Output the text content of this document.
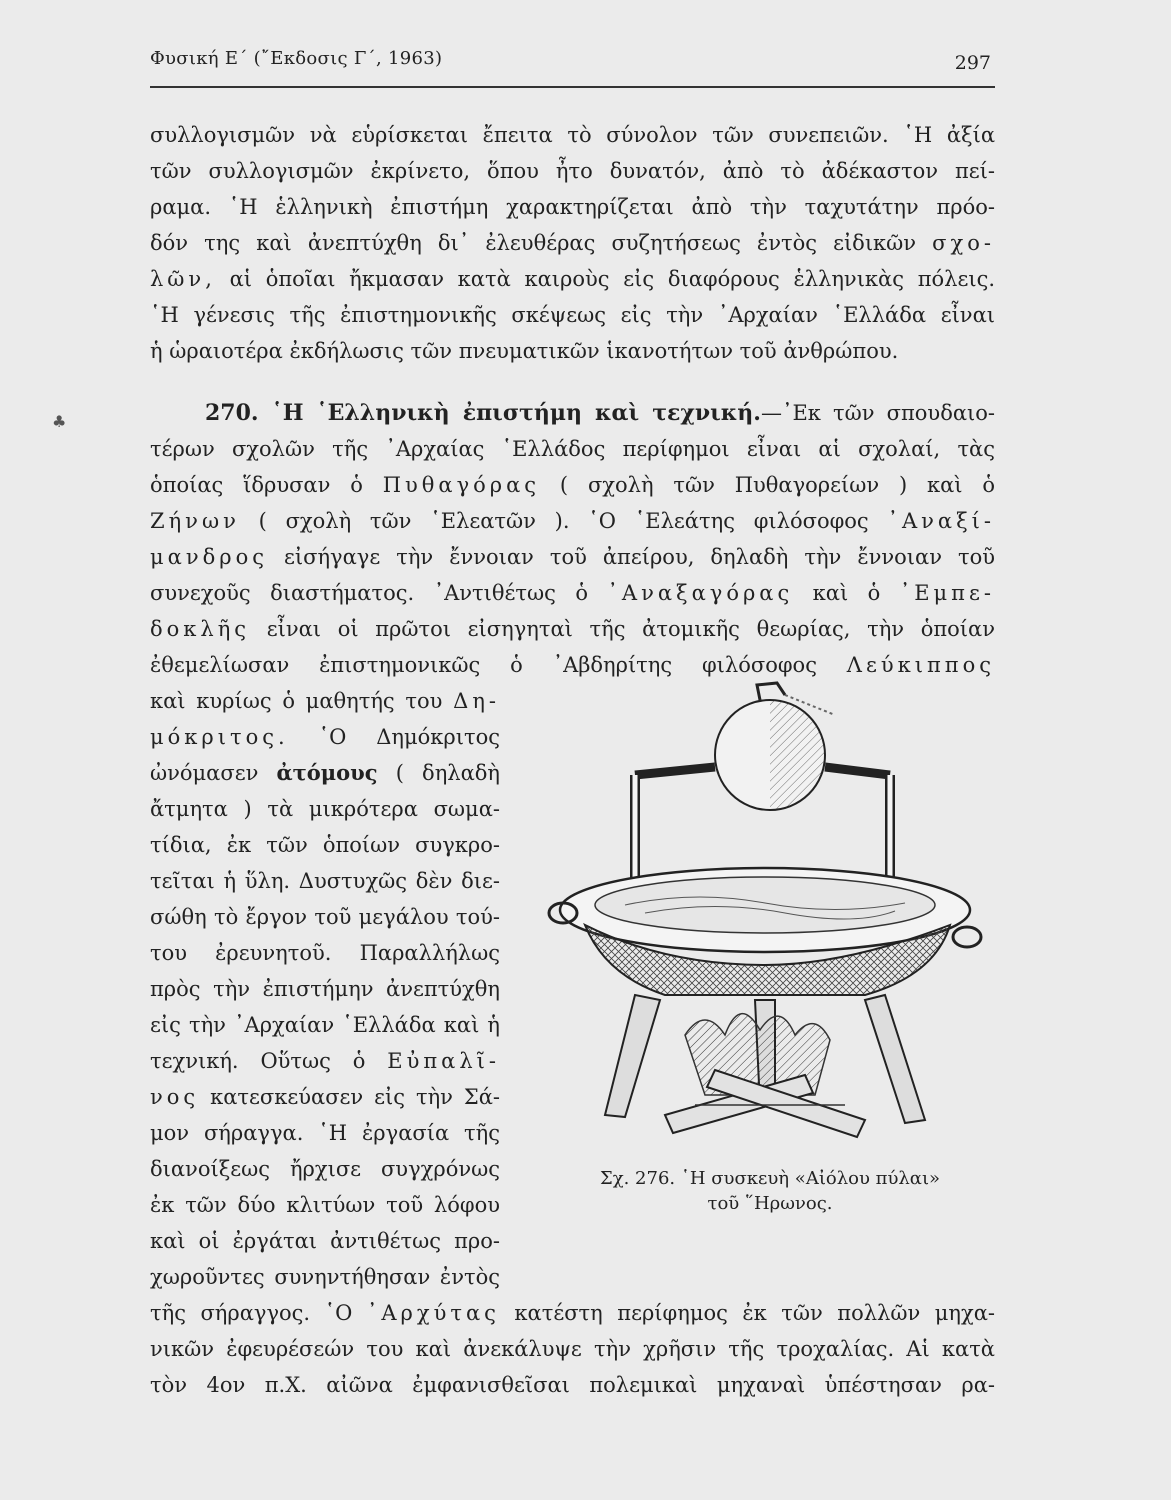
Φυσική Ε΄ (῎Εκδοσις Γ΄, 1963)	297
♣
συλλογισμῶν νὰ εὑρίσκεται ἔπειτα τὸ σύνολον τῶν συνεπειῶν. ῾Η ἀξία
τῶν συλλογισμῶν ἐκρίνετο, ὅπου ἦτο δυνατόν, ἀπὸ τὸ ἀδέκαστον πεί-
ραμα. ῾Η ἑλληνικὴ ἐπιστήμη χαρακτηρίζεται ἀπὸ τὴν ταχυτάτην πρόο-
δόν της καὶ ἀνεπτύχθη δι᾿ ἐλευθέρας συζητήσεως ἐντὸς εἰδικῶν σχο-
λῶν, αἱ ὁποῖαι ἤκμασαν κατὰ καιροὺς εἰς διαφόρους ἑλληνικὰς πόλεις.
῾Η γένεσις τῆς ἐπιστημονικῆς σκέψεως εἰς τὴν ᾿Αρχαίαν ῾Ελλάδα εἶναι
ἡ ὡραιοτέρα ἐκδήλωσις τῶν πνευματικῶν ἱκανοτήτων τοῦ ἀνθρώπου.
270. ῾Η ῾Ελληνικὴ ἐπιστήμη καὶ τεχνική.—᾿Εκ τῶν σπουδαιο-
τέρων σχολῶν τῆς ᾿Αρχαίας ῾Ελλάδος περίφημοι εἶναι αἱ σχολαί, τὰς
ὁποίας ἵδρυσαν ὁ Πυθαγόρας ( σχολὴ τῶν Πυθαγορείων ) καὶ ὁ
Ζήνων ( σχολὴ τῶν ῾Ελεατῶν ). ῾Ο ῾Ελεάτης φιλόσοφος ᾿Αναξί-
μανδρος εἰσήγαγε τὴν ἔννοιαν τοῦ ἀπείρου, δηλαδὴ τὴν ἔννοιαν τοῦ
συνεχοῦς διαστήματος. ᾿Αντιθέτως ὁ ᾿Αναξαγόρας καὶ ὁ ᾿Εμπε-
δοκλῆς εἶναι οἱ πρῶτοι εἰσηγηταὶ τῆς ἀτομικῆς θεωρίας, τὴν ὁποίαν
ἐθεμελίωσαν ἐπιστημονικῶς ὁ ᾿Αβδηρίτης φιλόσοφος Λεύκιππος
καὶ κυρίως ὁ μαθητής του Δη-
μόκριτος. ῾Ο Δημόκριτος
ὠνόμασεν ἀτόμους ( δηλαδὴ
ἄτμητα ) τὰ μικρότερα σωμα-
τίδια, ἐκ τῶν ὁποίων συγκρο-
τεῖται ἡ ὕλη. Δυστυχῶς δὲν διε-
σώθη τὸ ἔργον τοῦ μεγάλου τού-
του ἐρευνητοῦ. Παραλλήλως
πρὸς τὴν ἐπιστήμην ἀνεπτύχθη
εἰς τὴν ᾿Αρχαίαν ῾Ελλάδα καὶ ἡ
τεχνική. Οὕτως ὁ Εὐπαλῖ-
νος κατεσκεύασεν εἰς τὴν Σά-
μον σήραγγα. ῾Η ἐργασία τῆς
διανοίξεως ἤρχισε συγχρόνως
ἐκ τῶν δύο κλιτύων τοῦ λόφου
καὶ οἱ ἐργάται ἀντιθέτως προ-
χωροῦντες συνηντήθησαν ἐντὸς
τῆς σήραγγος. ῾Ο ᾿Αρχύτας κατέστη περίφημος ἐκ τῶν πολλῶν μηχα-
νικῶν ἐφευρέσεών του καὶ ἀνεκάλυψε τὴν χρῆσιν τῆς τροχαλίας. Αἱ κατὰ
τὸν 4ον π.Χ. αἰῶνα ἐμφανισθεῖσαι πολεμικαὶ μηχαναὶ ὑπέστησαν ρα-
Σχ. 276. ῾Η συσκευὴ «Αἰόλου πύλαι»
τοῦ ῞Ηρωνος.
